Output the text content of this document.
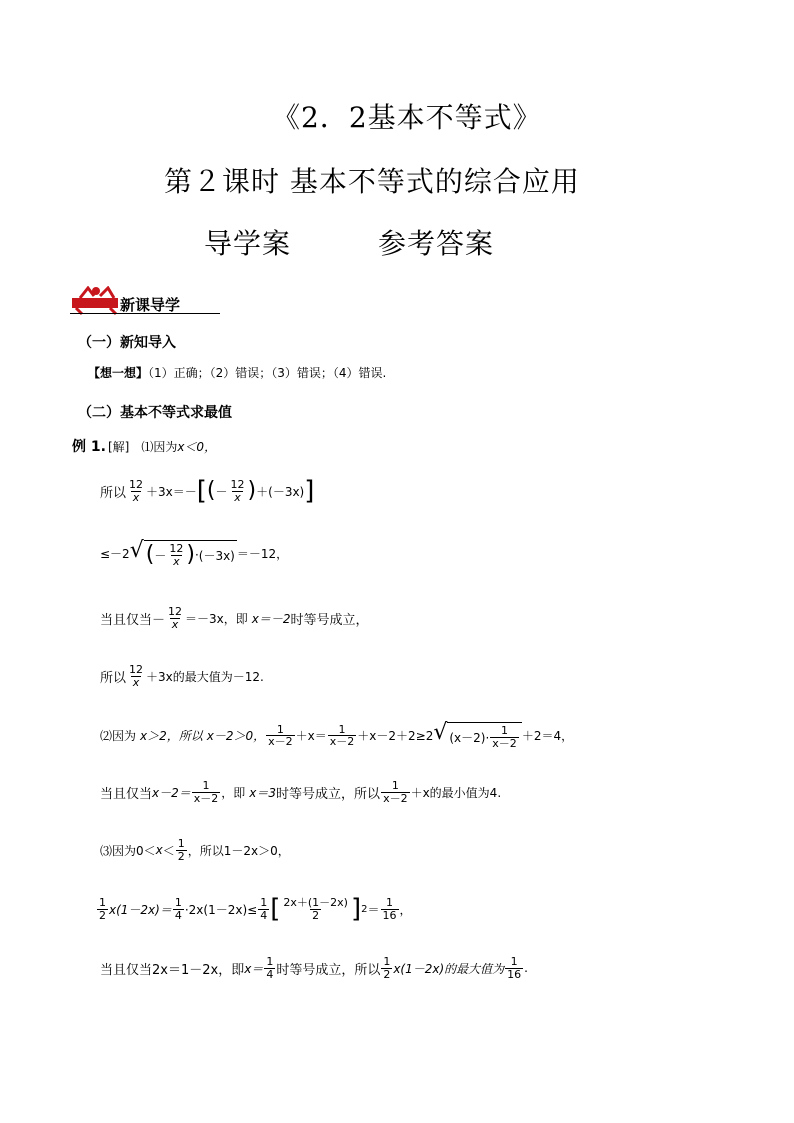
《2．2基本不等式》
第２课时 基本不等式的综合应用
导学案	参考答案
新课导学
（一）新知导入
【想一想】（1）正确；（2）错误；（3）错误；（4）错误.
（二）基本不等式求最值
例 1. [解] ⑴因为 x＜0，
所以 $\frac{12}{x} +3x=-$ [ ( － $\frac{12}{x}$ ) ＋ (－3x) ]
≤－2 √ ( － $\frac{12}{x}$ ) · (－3x) ＝－12，
当且仅当－ $\frac{12}{x} =-3x$，即 x＝－2 时等号成立，
所以 $\frac{12}{x} +3x$的最大值为－12.
⑵因为 x＞2，所以 x－2＞0， $\frac{1}{x-2} +x= \frac{1}{x-2} +x-2+2\ge 2$ √ $(x-2)\cdot \frac{1}{x-2} +2=4$，
当且仅当 $x-2= \frac{1}{x-2}$ ，即 x＝3 时等号成立，所以 $\frac{1}{x-2} +x$的最小值为4.
⑶因为$0< x < \frac{1}{2}$ ，所以1－2x＞0，
$\frac{1}{2} x(1-2x)= \frac{1}{4} \cdot 2x(1-2x)\le \frac{1}{4}$ [ $\frac{2x+(1-2x)}{2}$ ] $2 = \frac{1}{16}$ ，
当且仅当2x＝1－2x，即 $x= \frac{1}{4}$ 时等号成立，所以 $\frac{1}{2} x(1-2x)$的最大值为 $\frac{1}{16}$ .
